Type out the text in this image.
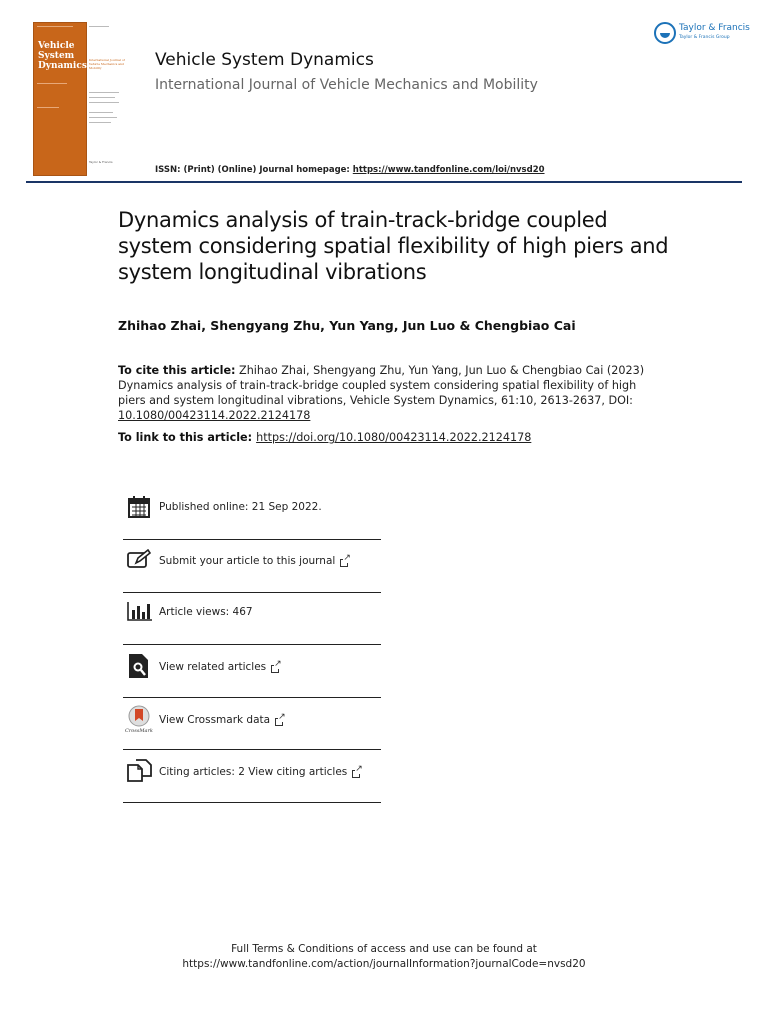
Vehicle
System
Dynamics
International Journal of Vehicle Mechanics and Mobility
Taylor & Francis
Vehicle System Dynamics
International Journal of Vehicle Mechanics and Mobility
ISSN: (Print) (Online) Journal homepage: https://www.tandfonline.com/loi/nvsd20
Taylor & Francis
Taylor & Francis Group
Dynamics analysis of train-track-bridge coupled system considering spatial flexibility of high piers and system longitudinal vibrations
Zhihao Zhai, Shengyang Zhu, Yun Yang, Jun Luo & Chengbiao Cai
To cite this article: Zhihao Zhai, Shengyang Zhu, Yun Yang, Jun Luo & Chengbiao Cai (2023) Dynamics analysis of train-track-bridge coupled system considering spatial flexibility of high piers and system longitudinal vibrations, Vehicle System Dynamics, 61:10, 2613-2637, DOI: 10.1080/00423114.2022.2124178
To link to this article: https://doi.org/10.1080/00423114.2022.2124178
Published online: 21 Sep 2022.
Submit your article to this journal↗
Article views: 467
View related articles↗
CrossMark
View Crossmark data↗
Citing articles: 2 View citing articles↗
Full Terms & Conditions of access and use can be found at
https://www.tandfonline.com/action/journalInformation?journalCode=nvsd20
